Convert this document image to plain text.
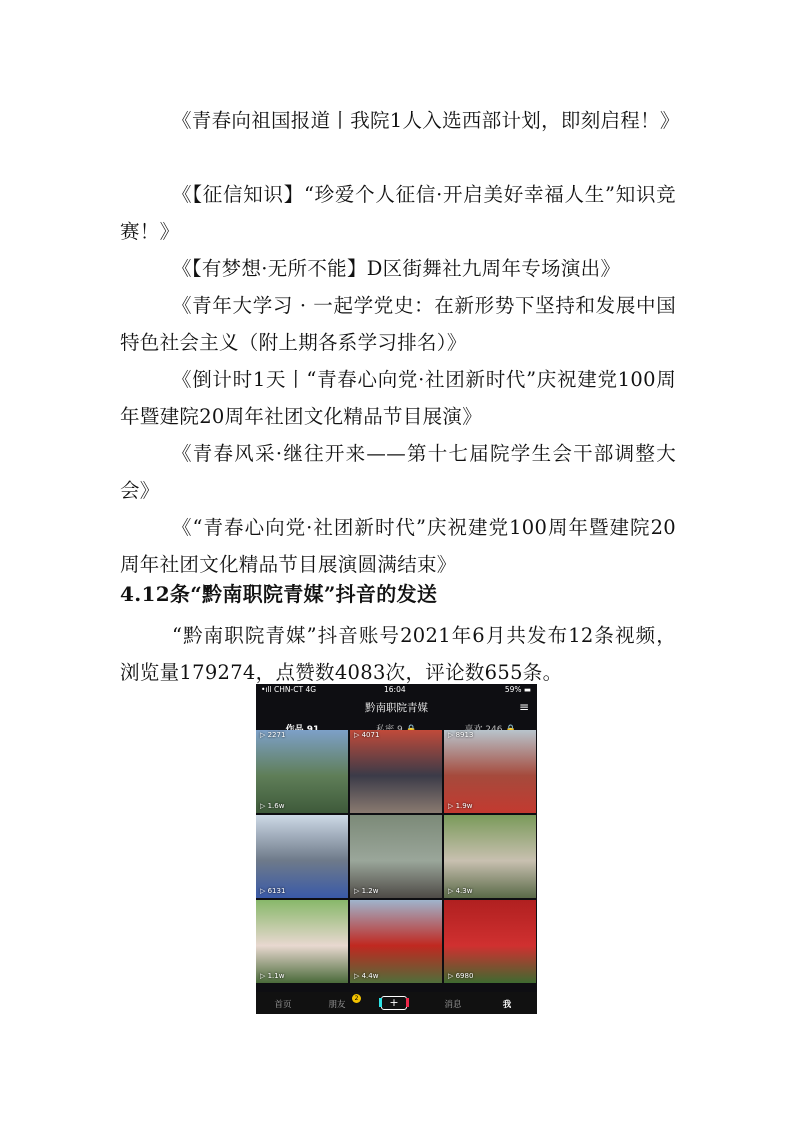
《青春向祖国报道丨我院1人入选西部计划，即刻启程！》

《【征信知识】“珍爱个人征信·开启美好幸福人生”知识竞赛！》

《【有梦想·无所不能】D区街舞社九周年专场演出》

《青年大学习 · 一起学党史：在新形势下坚持和发展中国特色社会主义（附上期各系学习排名）》

《倒计时1天丨“青春心向党·社团新时代”庆祝建党100周年暨建院20周年社团文化精品节目展演》

《青春风采·继往开来——第十七届院学生会干部调整大会》

《“青春心向党·社团新时代”庆祝建党100周年暨建院20周年社团文化精品节目展演圆满结束》

4.12条“黔南职院青媒”抖音的发送

“黔南职院青媒”抖音账号2021年6月共发布12条视频，浏览量179274，点赞数4083次，评论数655条。

•ıll CHN-CT 4G	16:04	59% ▬
黔南职院青媒	≡
▷ 2271
▷ 1.6w
▷ 4071	▷ 8913
▷ 1.9w
▷ 6131	▷ 1.2w	▷ 4.3w
▷ 1.1w	▷ 4.4w	▷ 6980
首页	朋友
2	+	消息	我
